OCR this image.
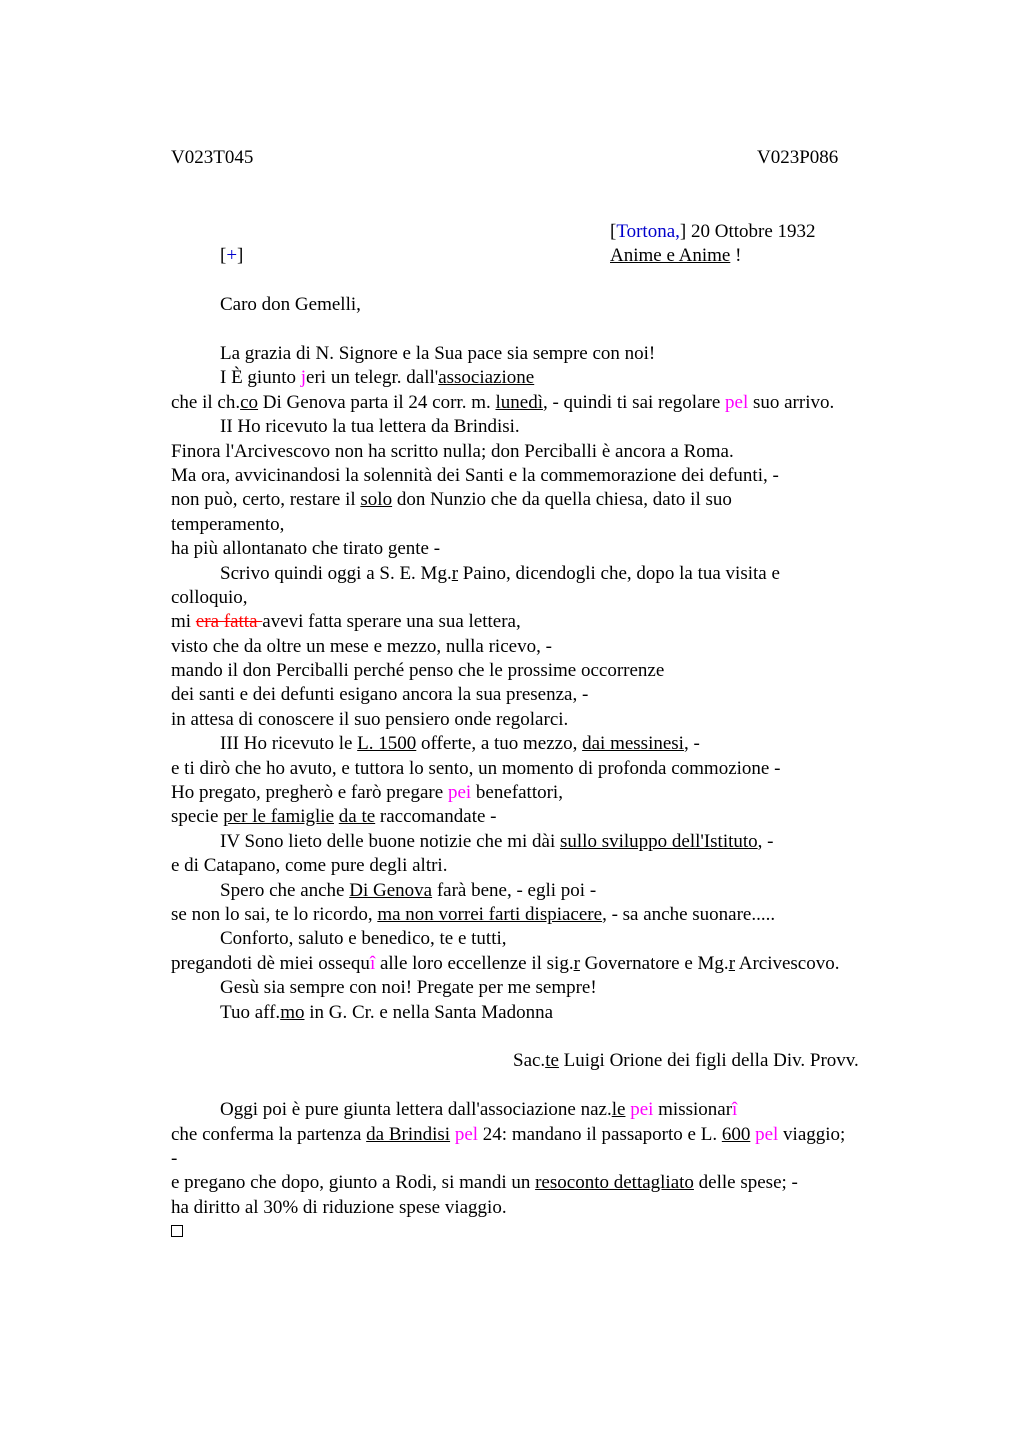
V023T045	V023P086
[Tortona,] 20 Ottobre 1932
[+]	Anime e Anime !
Caro don Gemelli,
La grazia di N. Signore e la Sua pace sia sempre con noi!
I È giunto jeri un telegr. dall'associazione
che il ch.co Di Genova parta il 24 corr. m. lunedì, - quindi ti sai regolare pel suo arrivo.
II Ho ricevuto la tua lettera da Brindisi.
Finora l'Arcivescovo non ha scritto nulla; don Perciballi è ancora a Roma.
Ma ora, avvicinandosi la solennità dei Santi e la commemorazione dei defunti, -
non può, certo, restare il solo don Nunzio che da quella chiesa, dato il suo
temperamento,
ha più allontanato che tirato gente -
Scrivo quindi oggi a S. E. Mg.r Paino, dicendogli che, dopo la tua visita e
colloquio,
mi era fatta avevi fatta sperare una sua lettera,
visto che da oltre un mese e mezzo, nulla ricevo, -
mando il don Perciballi perché penso che le prossime occorrenze
dei santi e dei defunti esigano ancora la sua presenza, -
in attesa di conoscere il suo pensiero onde regolarci.
III Ho ricevuto le L. 1500 offerte, a tuo mezzo, dai messinesi, -
e ti dirò che ho avuto, e tuttora lo sento, un momento di profonda commozione -
Ho pregato, pregherò e farò pregare pei benefattori,
specie per le famiglie da te raccomandate -
IV Sono lieto delle buone notizie che mi dài sullo sviluppo dell'Istituto, -
e di Catapano, come pure degli altri.
Spero che anche Di Genova farà bene, - egli poi -
se non lo sai, te lo ricordo, ma non vorrei farti dispiacere, - sa anche suonare.....
Conforto, saluto e benedico, te e tutti,
pregandoti dè miei ossequî alle loro eccellenze il sig.r Governatore e Mg.r Arcivescovo.
Gesù sia sempre con noi! Pregate per me sempre!
Tuo aff.mo in G. Cr. e nella Santa Madonna
Sac.te Luigi Orione dei figli della Div. Provv.
Oggi poi è pure giunta lettera dall'associazione naz.le pei missionarî
che conferma la partenza da Brindisi pel 24: mandano il passaporto e L. 600 pel viaggio;
-
e pregano che dopo, giunto a Rodi, si mandi un resoconto dettagliato delle spese; -
ha diritto al 30% di riduzione spese viaggio.
